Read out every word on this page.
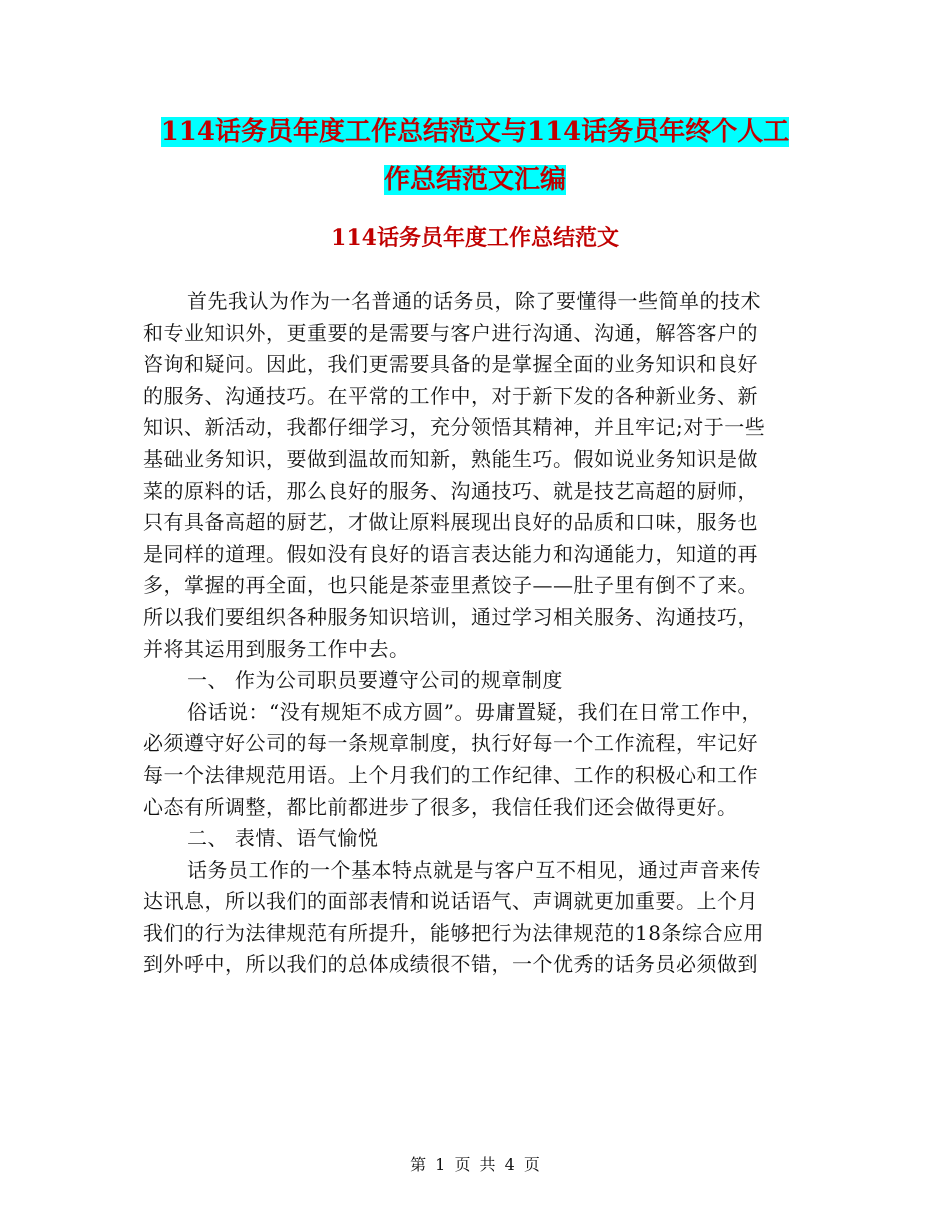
114话务员年度工作总结范文与114话务员年终个人工
作总结范文汇编
114话务员年度工作总结范文
首先我认为作为一名普通的话务员，除了要懂得一些简单的技术
和专业知识外，更重要的是需要与客户进行沟通、沟通，解答客户的
咨询和疑问。因此，我们更需要具备的是掌握全面的业务知识和良好
的服务、沟通技巧。在平常的工作中，对于新下发的各种新业务、新
知识、新活动，我都仔细学习，充分领悟其精神，并且牢记;对于一些
基础业务知识，要做到温故而知新，熟能生巧。假如说业务知识是做
菜的原料的话，那么良好的服务、沟通技巧、就是技艺高超的厨师，
只有具备高超的厨艺，才做让原料展现出良好的品质和口味，服务也
是同样的道理。假如没有良好的语言表达能力和沟通能力，知道的再
多，掌握的再全面，也只能是茶壶里煮饺子——肚子里有倒不了来。
所以我们要组织各种服务知识培训，通过学习相关服务、沟通技巧，
并将其运用到服务工作中去。
一、 作为公司职员要遵守公司的规章制度
俗话说：“没有规矩不成方圆”。毋庸置疑，我们在日常工作中，
必须遵守好公司的每一条规章制度，执行好每一个工作流程，牢记好
每一个法律规范用语。上个月我们的工作纪律、工作的积极心和工作
心态有所调整，都比前都进步了很多，我信任我们还会做得更好。
二、 表情、语气愉悦
话务员工作的一个基本特点就是与客户互不相见，通过声音来传
达讯息，所以我们的面部表情和说话语气、声调就更加重要。上个月
我们的行为法律规范有所提升，能够把行为法律规范的18条综合应用
到外呼中，所以我们的总体成绩很不错，一个优秀的话务员必须做到
第 1 页 共 4 页
